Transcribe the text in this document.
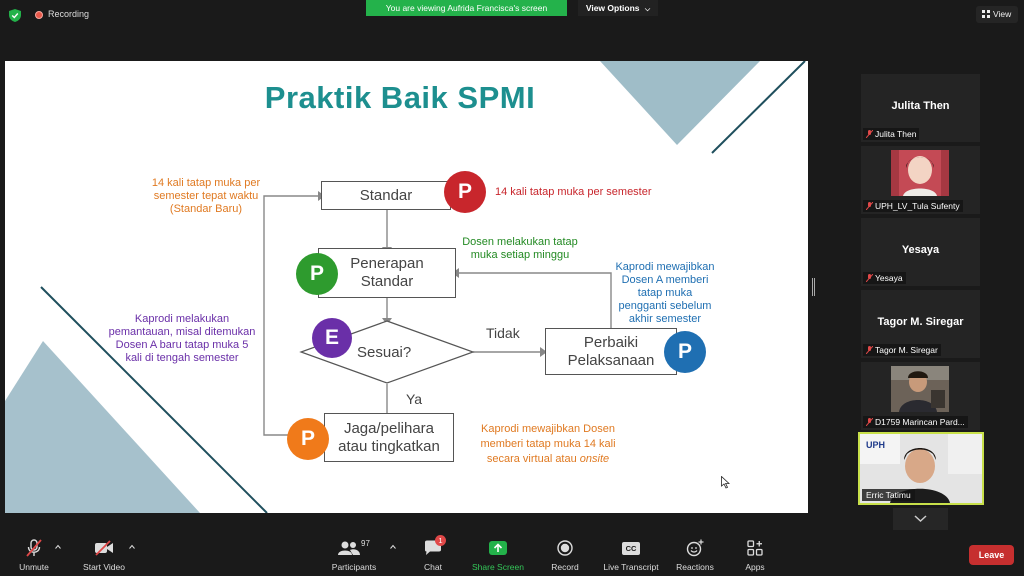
Recording
You are viewing Aufrida Francisca's screen	View Options ⌵	View
Praktik Baik SPMI
Standar
Penerapan
Standar
Sesuai?
Perbaiki
Pelaksanaan
Jaga/pelihara
atau tingkatkan
P
P
E
P
P
Tidak
Ya
14 kali tatap muka per
semester tepat waktu
(Standar Baru)
14 kali tatap muka per semester
Dosen melakukan tatap
muka setiap minggu
Kaprodi mewajibkan
Dosen A memberi
tatap muka
pengganti sebelum
akhir semester
Kaprodi melakukan
pemantauan, misal ditemukan
Dosen A baru tatap muka 5
kali di tengah semester
Kaprodi mewajibkan Dosen
memberi tatap muka 14 kali
secara virtual atau onsite
Julita Then
Julita Then
UPH_LV_Tula Sufenty
Yesaya
Yesaya
Tagor M. Siregar
Tagor M. Siregar
D1759 Marincan Pard...
UPH
Erric Tatimu
Unmute	Start Video
97
Participants
1
Chat	Share Screen	Record
CC
Live Transcript	Reactions	Apps
Leave
